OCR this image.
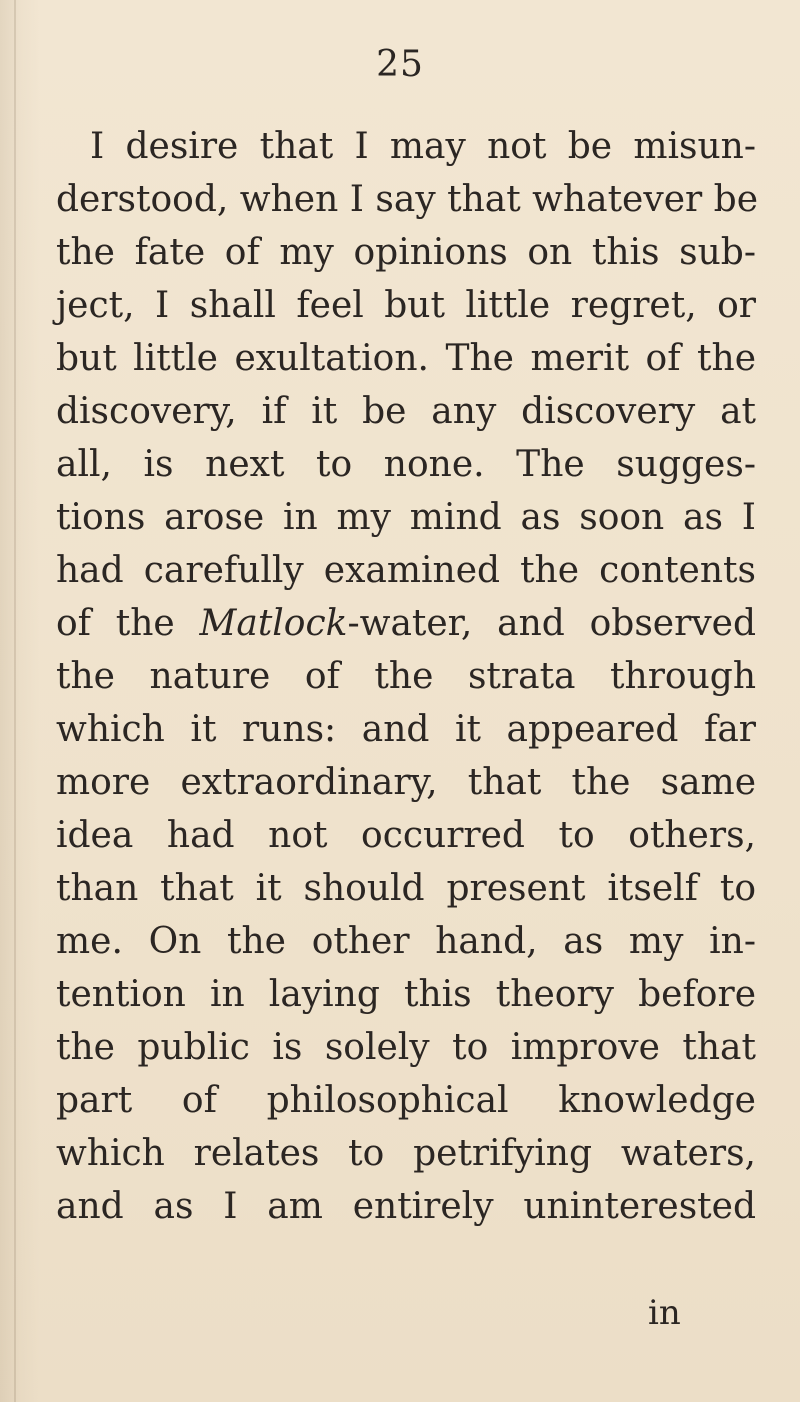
25
I desire that I may not be misun-
derstood, when I say that whatever be
the fate of my opinions on this sub-
ject, I shall feel but little regret, or
but little exultation. The merit of the
discovery, if it be any discovery at
all, is next to none. The sugges-
tions arose in my mind as soon as I
had carefully examined the contents
of the Matlock-water, and observed
the nature of the strata through
which it runs: and it appeared far
more extraordinary, that the same
idea had not occurred to others,
than that it should present itself to
me. On the other hand, as my in-
tention in laying this theory before
the public is solely to improve that
part of philosophical knowledge
which relates to petrifying waters,
and as I am entirely uninterested
in
